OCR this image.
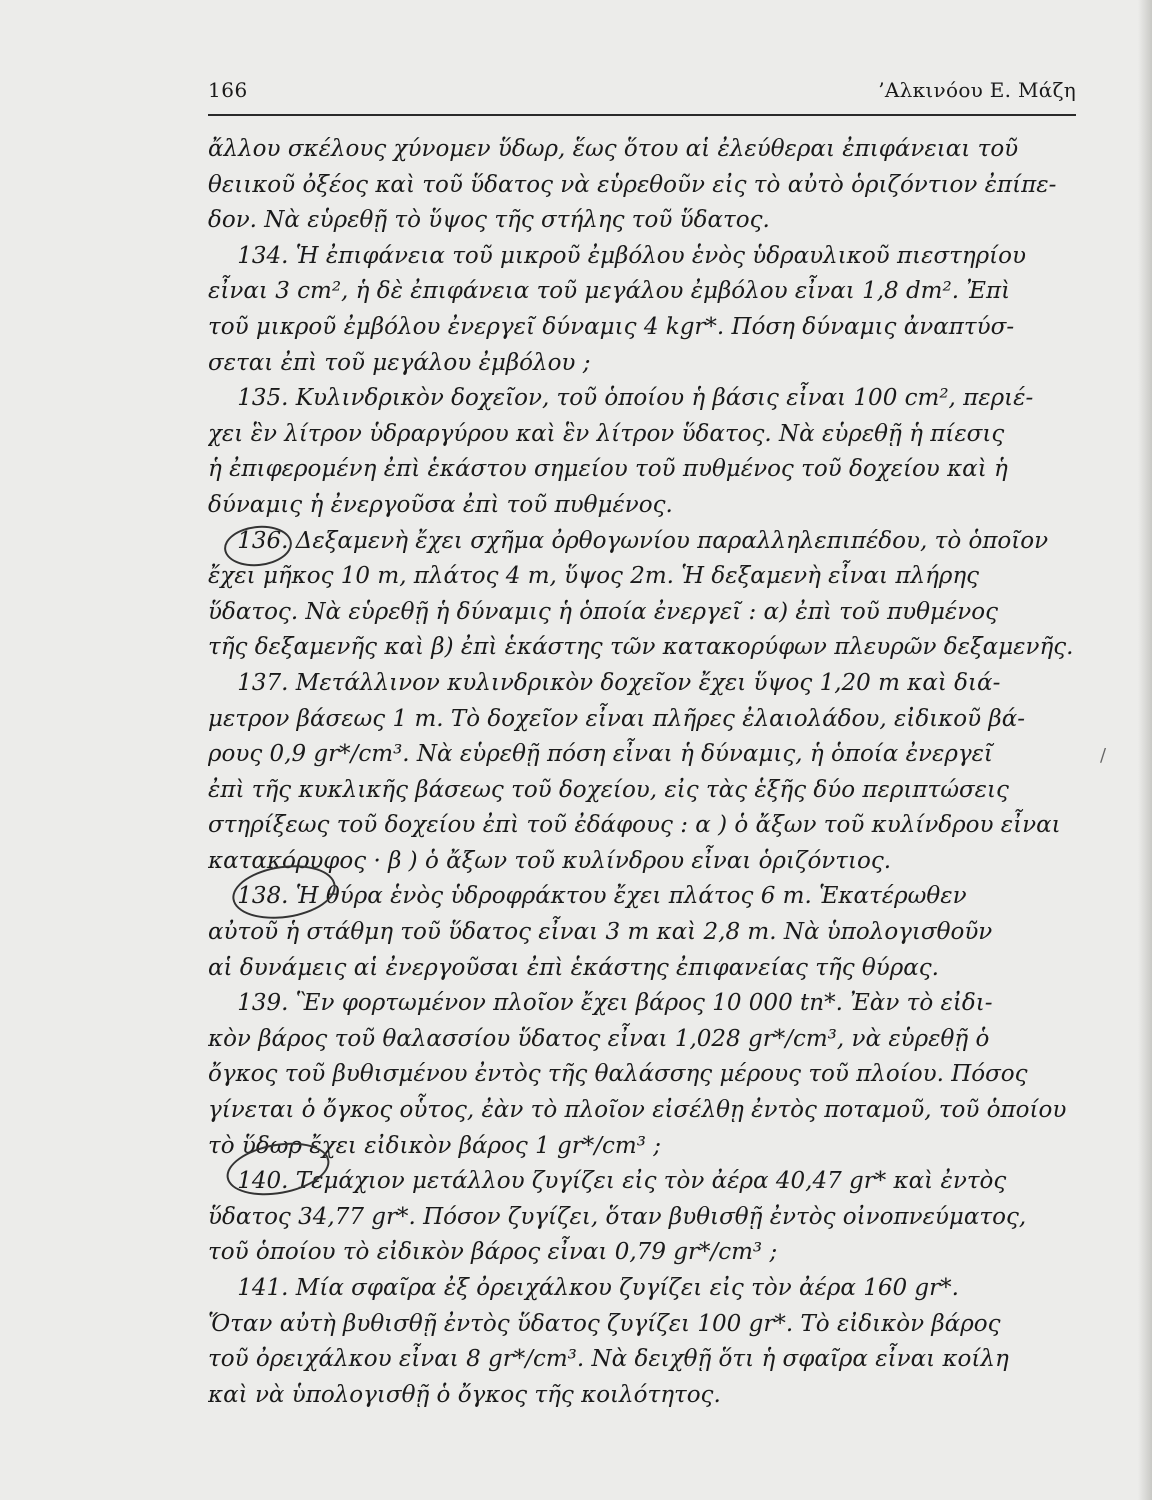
166	’Αλκινόου Ε. Μάζη
ἄλλου σκέλους χύνομεν ὕδωρ, ἕως ὅτου αἱ ἐλεύθεραι ἐπιφάνειαι τοῦ
θειικοῦ ὀξέος καὶ τοῦ ὕδατος νὰ εὑρεθοῦν εἰς τὸ αὐτὸ ὁριζόντιον ἐπίπε-
δον. Νὰ εὑρεθῇ τὸ ὕψος τῆς στήλης τοῦ ὕδατος.
134. Ἡ ἐπιφάνεια τοῦ μικροῦ ἐμβόλου ἑνὸς ὑδραυλικοῦ πιεστηρίου
εἶναι 3 cm², ἡ δὲ ἐπιφάνεια τοῦ μεγάλου ἐμβόλου εἶναι 1,8 dm². Ἐπὶ
τοῦ μικροῦ ἐμβόλου ἐνεργεῖ δύναμις 4 kgr*. Πόση δύναμις ἀναπτύσ-
σεται ἐπὶ τοῦ μεγάλου ἐμβόλου ;
135. Κυλινδρικὸν δοχεῖον, τοῦ ὁποίου ἡ βάσις εἶναι 100 cm², περιέ-
χει ἓν λίτρον ὑδραργύρου καὶ ἓν λίτρον ὕδατος. Νὰ εὑρεθῇ ἡ πίεσις
ἡ ἐπιφερομένη ἐπὶ ἑκάστου σημείου τοῦ πυθμένος τοῦ δοχείου καὶ ἡ
δύναμις ἡ ἐνεργοῦσα ἐπὶ τοῦ πυθμένος.
136. Δεξαμενὴ ἔχει σχῆμα ὀρθογωνίου παραλληλεπιπέδου, τὸ ὁποῖον
ἔχει μῆκος 10 m, πλάτος 4 m, ὕψος 2m. Ἡ δεξαμενὴ εἶναι πλήρης
ὕδατος. Νὰ εὑρεθῇ ἡ δύναμις ἡ ὁποία ἐνεργεῖ : α) ἐπὶ τοῦ πυθμένος
τῆς δεξαμενῆς καὶ β) ἐπὶ ἑκάστης τῶν κατακορύφων πλευρῶν δεξαμενῆς.
137. Μετάλλινον κυλινδρικὸν δοχεῖον ἔχει ὕψος 1,20 m καὶ διά-
μετρον βάσεως 1 m. Τὸ δοχεῖον εἶναι πλῆρες ἐλαιολάδου, εἰδικοῦ βά-
ρους 0,9 gr*/cm³. Νὰ εὑρεθῇ πόση εἶναι ἡ δύναμις, ἡ ὁποία ἐνεργεῖ
ἐπὶ τῆς κυκλικῆς βάσεως τοῦ δοχείου, εἰς τὰς ἑξῆς δύο περιπτώσεις
στηρίξεως τοῦ δοχείου ἐπὶ τοῦ ἐδάφους : α ) ὁ ἄξων τοῦ κυλίνδρου εἶναι
κατακόρυφος · β ) ὁ ἄξων τοῦ κυλίνδρου εἶναι ὁριζόντιος.
138. Ἡ θύρα ἑνὸς ὑδροφράκτου ἔχει πλάτος 6 m. Ἑκατέρωθεν
αὐτοῦ ἡ στάθμη τοῦ ὕδατος εἶναι 3 m καὶ 2,8 m. Νὰ ὑπολογισθοῦν
αἱ δυνάμεις αἱ ἐνεργοῦσαι ἐπὶ ἑκάστης ἐπιφανείας τῆς θύρας.
139. Ἓν φορτωμένον πλοῖον ἔχει βάρος 10 000 tn*. Ἐὰν τὸ εἰδι-
κὸν βάρος τοῦ θαλασσίου ὕδατος εἶναι 1,028 gr*/cm³, νὰ εὑρεθῇ ὁ
ὄγκος τοῦ βυθισμένου ἐντὸς τῆς θαλάσσης μέρους τοῦ πλοίου. Πόσος
γίνεται ὁ ὄγκος οὗτος, ἐὰν τὸ πλοῖον εἰσέλθῃ ἐντὸς ποταμοῦ, τοῦ ὁποίου
τὸ ὕδωρ ἔχει εἰδικὸν βάρος 1 gr*/cm³ ;
140. Τεμάχιον μετάλλου ζυγίζει εἰς τὸν ἀέρα 40,47 gr* καὶ ἐντὸς
ὕδατος 34,77 gr*. Πόσον ζυγίζει, ὅταν βυθισθῇ ἐντὸς οἰνοπνεύματος,
τοῦ ὁποίου τὸ εἰδικὸν βάρος εἶναι 0,79 gr*/cm³ ;
141. Μία σφαῖρα ἐξ ὀρειχάλκου ζυγίζει εἰς τὸν ἀέρα 160 gr*.
Ὅταν αὐτὴ βυθισθῇ ἐντὸς ὕδατος ζυγίζει 100 gr*. Τὸ εἰδικὸν βάρος
τοῦ ὀρειχάλκου εἶναι 8 gr*/cm³. Νὰ δειχθῇ ὅτι ἡ σφαῖρα εἶναι κοίλη
καὶ νὰ ὑπολογισθῇ ὁ ὄγκος τῆς κοιλότητος.
/
